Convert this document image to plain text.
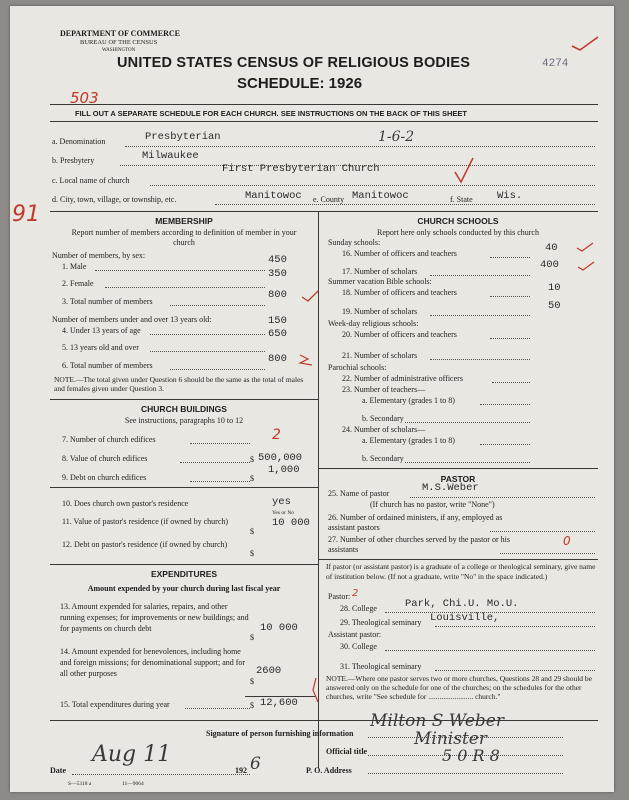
DEPARTMENT OF COMMERCE
BUREAU OF THE CENSUS
WASHINGTON
UNITED STATES CENSUS OF RELIGIOUS BODIES
SCHEDULE: 1926
4274
503
FILL OUT A SEPARATE SCHEDULE FOR EACH CHURCH. SEE INSTRUCTIONS ON THE BACK OF THIS SHEET
a. Denomination	Presbyterian	1-6-2
b. Presbytery	Milwaukee
c. Local name of church
First Presbyterian Church
d. City, town, village, or township, etc.	Manitowoc e. County Manitowoc	f. State Wis.
91	MEMBERSHIP
Report number of members according to definition of member in your church
Number of members, by sex:
1. Male
450
2. Female
350
3. Total number of members
800
Number of members under and over 13 years old:
4. Under 13 years of age
150
5. 13 years old and over
650
6. Total number of members
800
NOTE.—The total given under Question 6 should be the same as the total of males and females given under Question 3.
CHURCH BUILDINGS
See instructions, paragraphs 10 to 12
7. Number of church edifices	2
8. Value of church edifices	$ 500,000
9. Debt on church edifices	$
1,000
10. Does church own pastor's residence	yes
Yes or No
11. Value of pastor's residence (if owned by church)
$
10 000
12. Debt on pastor's residence (if owned by church)
$
EXPENDITURES
Amount expended by your church during last fiscal year
13. Amount expended for salaries, repairs, and other running expenses; for improvements or new buildings; and for payments on church debt
$
10 000
14. Amount expended for benevolences, including home and foreign missions; for denominational support; and for all other purposes
$
2600
15. Total expenditures during year	$ 12,600
CHURCH SCHOOLS
Report here only schools conducted by this church
Sunday schools:
16. Number of officers and teachers	40
17. Number of scholars
400
Summer vacation Bible schools:
18. Number of officers and teachers	10
19. Number of scholars	50
Week-day religious schools:
20. Number of officers and teachers
21. Number of scholars
Parochial schools:
22. Number of administrative officers
23. Number of teachers—
a. Elementary (grades 1 to 8)
b. Secondary
24. Number of scholars—
a. Elementary (grades 1 to 8)
b. Secondary
PASTOR
25. Name of pastor	M.S.Weber
(If church has no pastor, write "None")
26. Number of ordained ministers, if any, employed as assistant pastors
27. Number of other churches served by the pastor or his assistants
0
If pastor (or assistant pastor) is a graduate of a college or theological seminary, give name of institution below. (If not a graduate, write "No" in the space indicated.)
Pastor: 2
28. College	Park, Chi.U. Mo.U.
29. Theological seminary Louisville,
Assistant pastor:
30. College
31. Theological seminary
NOTE.—Where one pastor serves two or more churches, Questions 28 and 29 should be answered only on the schedule for one of the churches; on the schedules for the other churches, write "See schedule for ........................ church."
Signature of person furnishing information
Milton S Weber
Official title
Minister
Date
Aug 11
192 6	P. O. Address
5 0 R 8
S—5318 a	11—9064
